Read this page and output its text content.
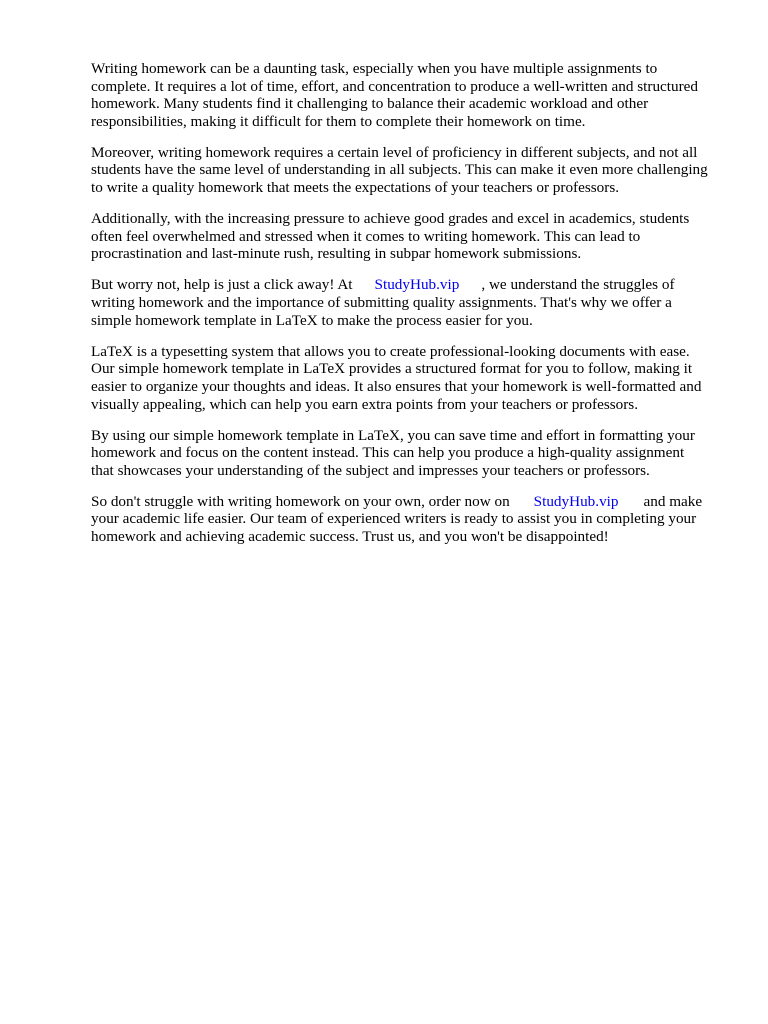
Writing homework can be a daunting task, especially when you have multiple assignments to
complete. It requires a lot of time, effort, and concentration to produce a well-written and structured
homework. Many students find it challenging to balance their academic workload and other
responsibilities, making it difficult for them to complete their homework on time.

Moreover, writing homework requires a certain level of proficiency in different subjects, and not all
students have the same level of understanding in all subjects. This can make it even more challenging
to write a quality homework that meets the expectations of your teachers or professors.

Additionally, with the increasing pressure to achieve good grades and excel in academics, students
often feel overwhelmed and stressed when it comes to writing homework. This can lead to
procrastination and last-minute rush, resulting in subpar homework submissions.

But worry not, help is just a click away! At StudyHub.vip , we understand the struggles of
writing homework and the importance of submitting quality assignments. That's why we offer a
simple homework template in LaTeX to make the process easier for you.

LaTeX is a typesetting system that allows you to create professional-looking documents with ease.
Our simple homework template in LaTeX provides a structured format for you to follow, making it
easier to organize your thoughts and ideas. It also ensures that your homework is well-formatted and
visually appealing, which can help you earn extra points from your teachers or professors.

By using our simple homework template in LaTeX, you can save time and effort in formatting your
homework and focus on the content instead. This can help you produce a high-quality assignment
that showcases your understanding of the subject and impresses your teachers or professors.

So don't struggle with writing homework on your own, order now on StudyHub.vip and make
your academic life easier. Our team of experienced writers is ready to assist you in completing your
homework and achieving academic success. Trust us, and you won't be disappointed!
